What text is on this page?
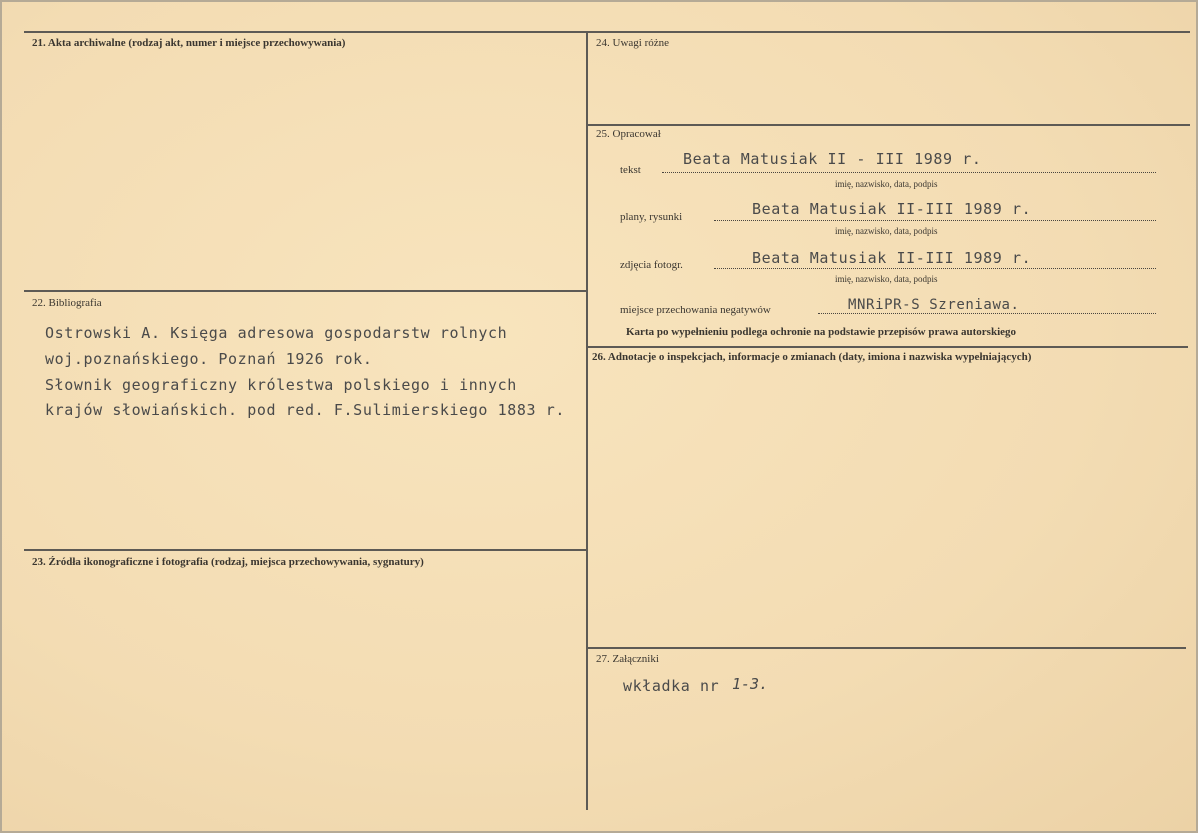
21. Akta archiwalne (rodzaj akt, numer i miejsce przechowywania)
22. Bibliografia
Ostrowski A. Księga adresowa gospodarstw rolnych
woj.poznańskiego. Poznań 1926 rok.
Słownik geograficzny królestwa polskiego i innych
krajów słowiańskich. pod red. F.Sulimierskiego 1883 r.
23. Źródła ikonograficzne i fotografia (rodzaj, miejsca przechowywania, sygnatury)
24. Uwagi różne
25. Opracował
tekst
Beata Matusiak II - III 1989 r.
imię, nazwisko, data, podpis
plany, rysunki	Beata Matusiak II-III 1989 r.
imię, nazwisko, data, podpis
zdjęcia fotogr.	Beata Matusiak II-III 1989 r.
imię, nazwisko, data, podpis
miejsce przechowania negatywów	MNRiPR-S Szreniawa.
Karta po wypełnieniu podlega ochronie na podstawie przepisów prawa autorskiego
26. Adnotacje o inspekcjach, informacje o zmianach (daty, imiona i nazwiska wypełniających)
27. Załączniki
wkładka nr 1-3.
